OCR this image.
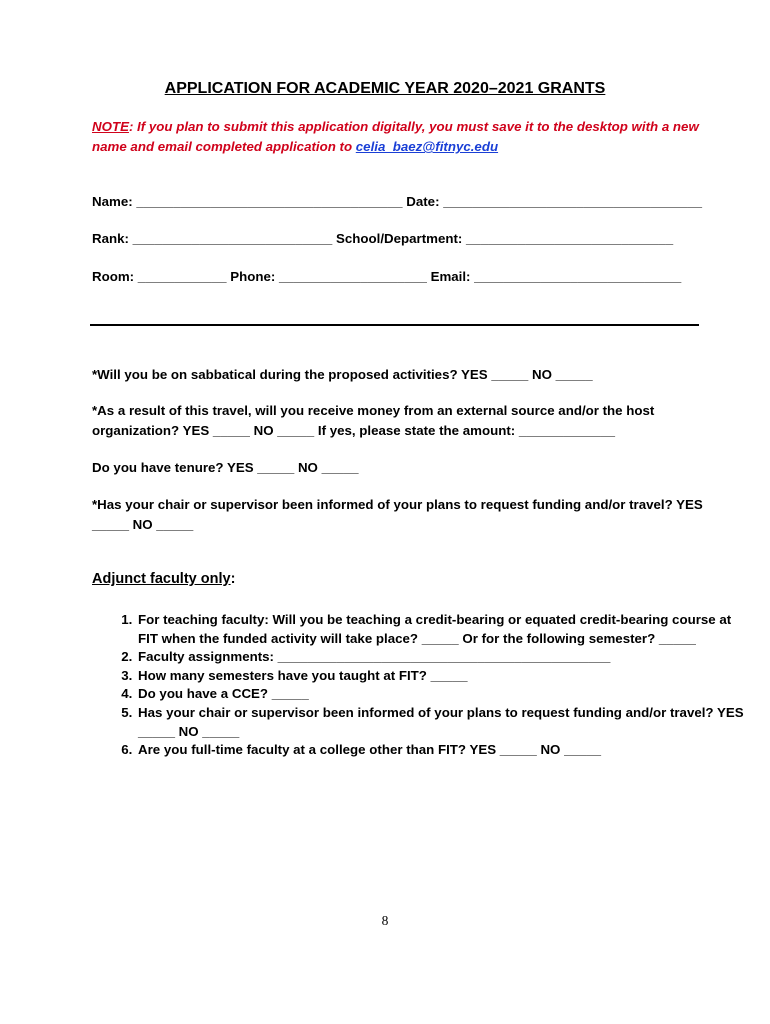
APPLICATION FOR ACADEMIC YEAR 2020–2021 GRANTS
NOTE: If you plan to submit this application digitally, you must save it to the desktop with a new name and email completed application to celia_baez@fitnyc.edu
Name: ____________________________________ Date: ___________________________________
Rank: ___________________________ School/Department: ____________________________
Room: ____________ Phone: ____________________ Email: ____________________________
*Will you be on sabbatical during the proposed activities? YES _____ NO _____
*As a result of this travel, will you receive money from an external source and/or the host organization? YES _____ NO _____ If yes, please state the amount: _____________
Do you have tenure? YES _____ NO _____
*Has your chair or supervisor been informed of your plans to request funding and/or travel? YES _____ NO _____
Adjunct faculty only:
1. For teaching faculty: Will you be teaching a credit-bearing or equated credit-bearing course at FIT when the funded activity will take place? _____ Or for the following semester? _____
2. Faculty assignments: _____________________________________________
3. How many semesters have you taught at FIT? _____
4. Do you have a CCE? _____
5. Has your chair or supervisor been informed of your plans to request funding and/or travel? YES _____ NO _____
6. Are you full-time faculty at a college other than FIT? YES _____ NO _____
8
